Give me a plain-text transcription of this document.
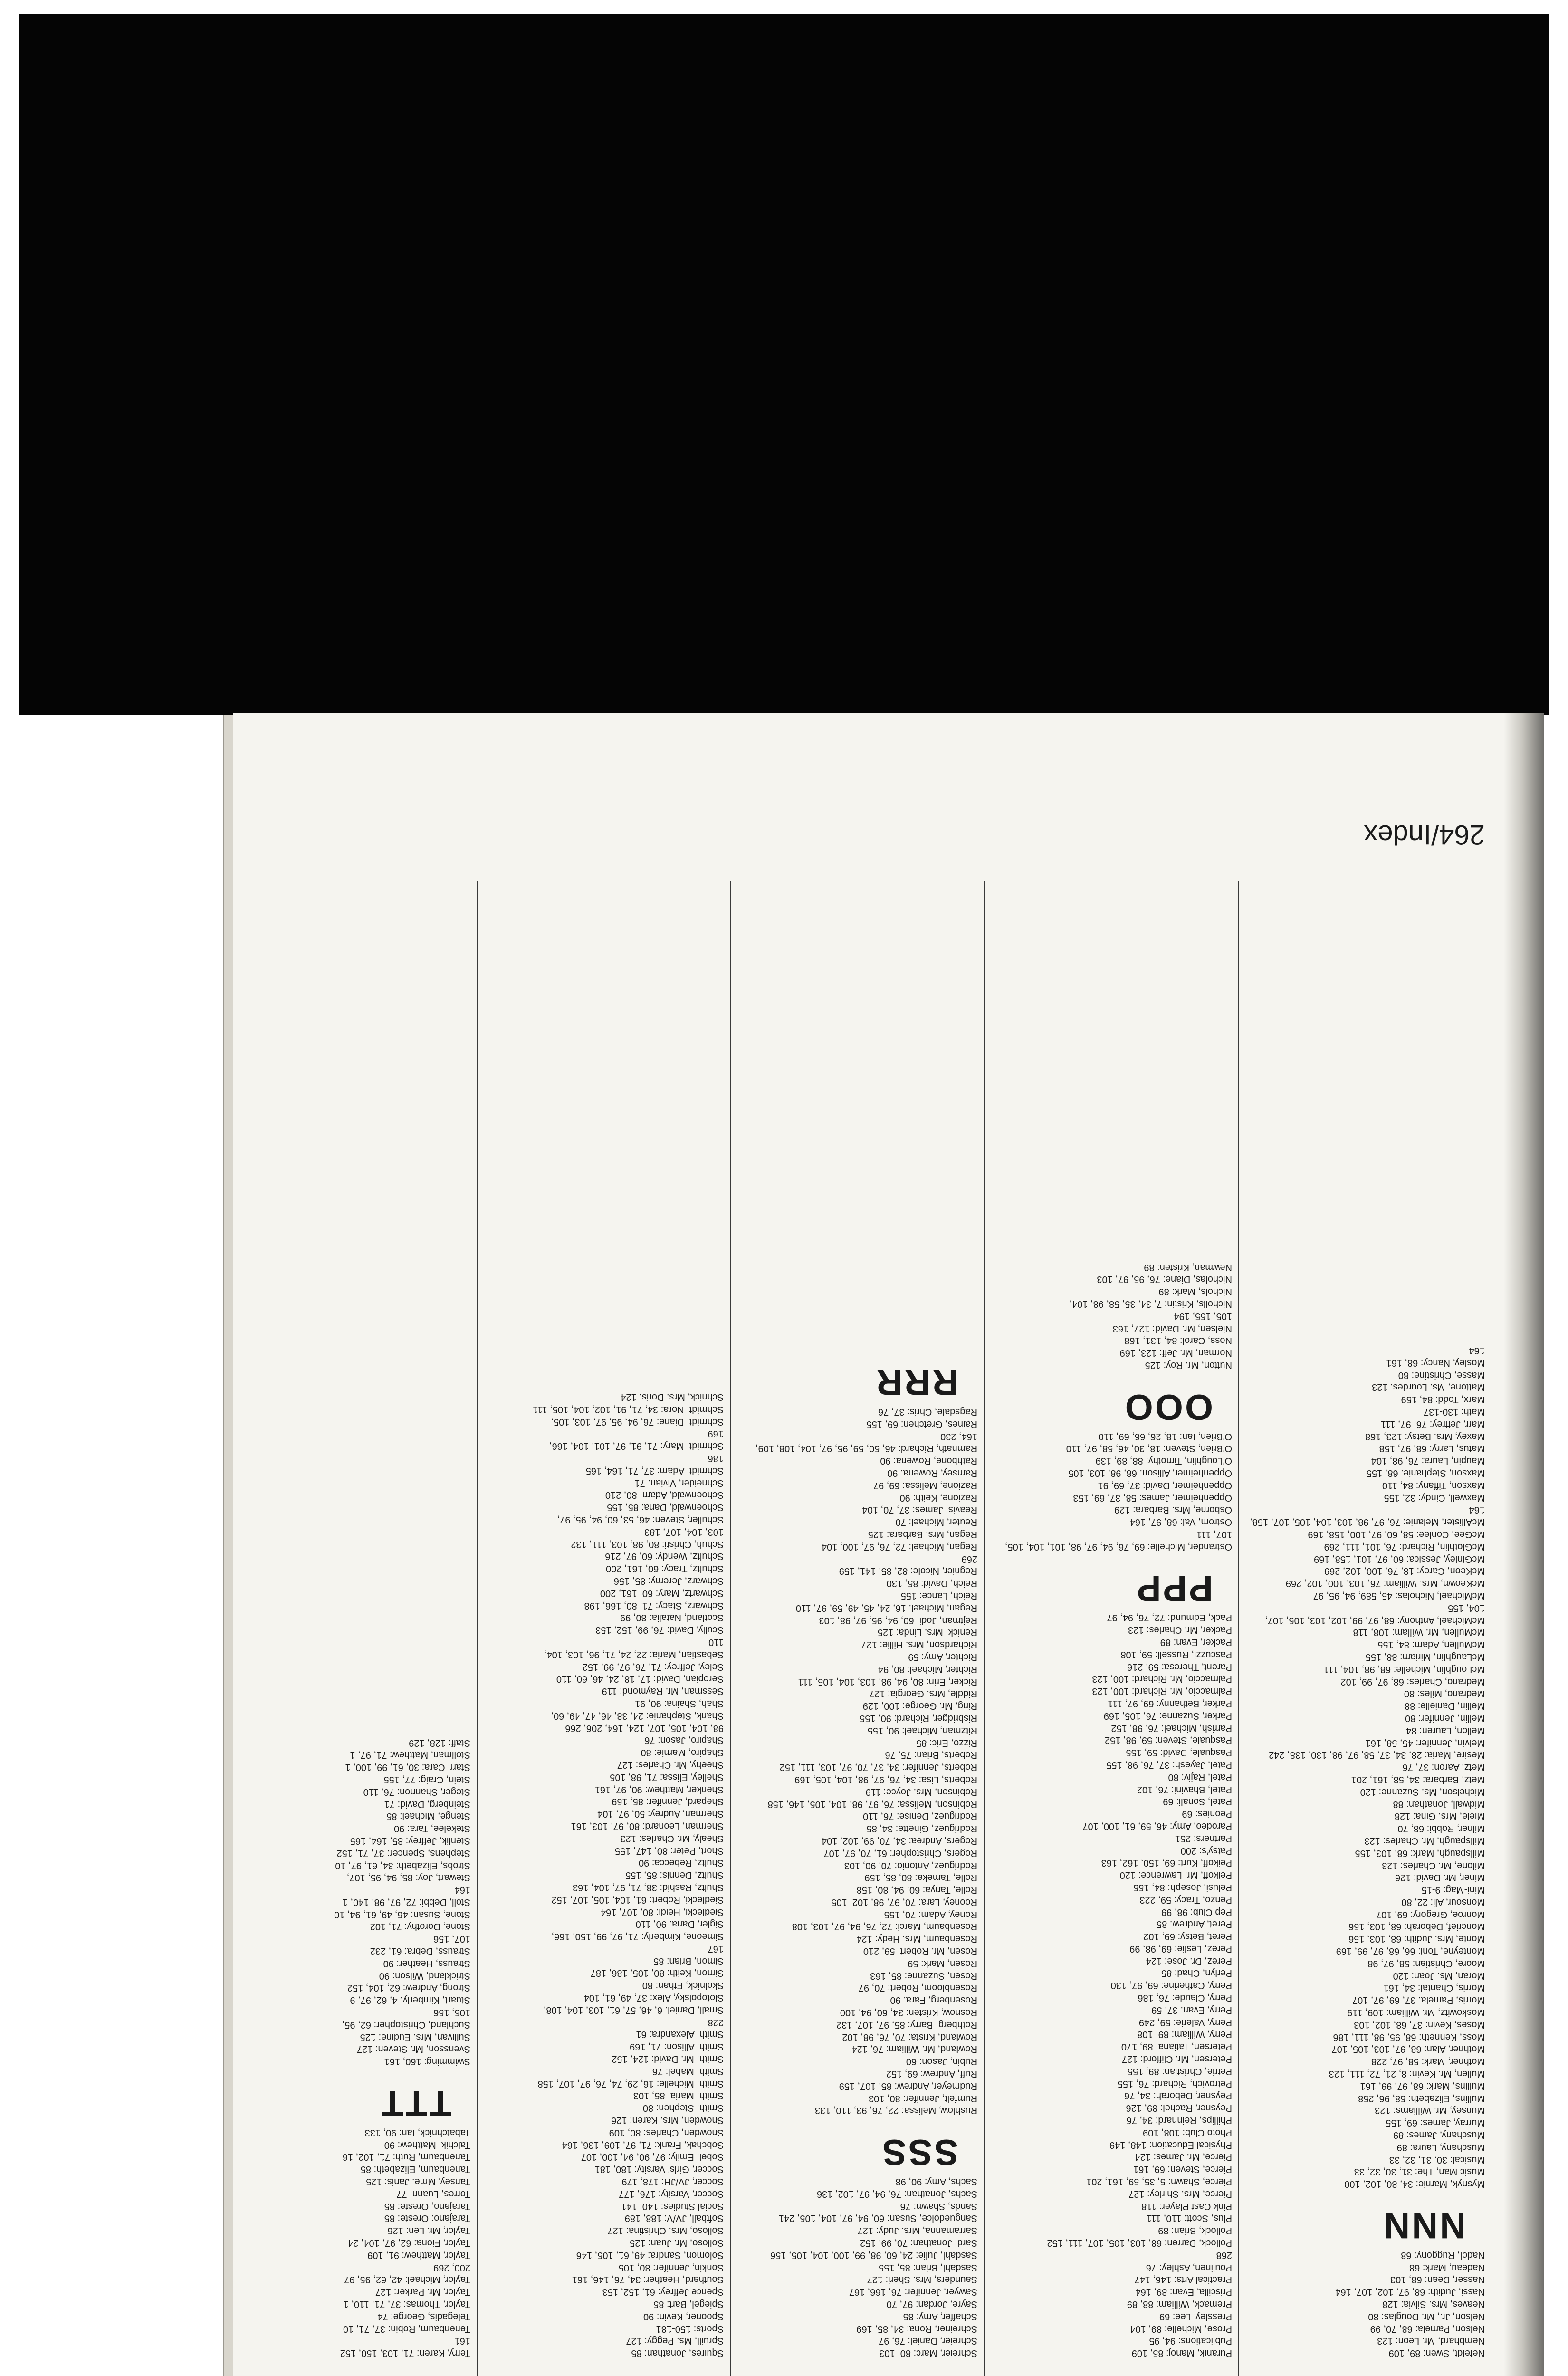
Nefeldt, Swen: 89, 109
Nembhard, Mr. Leon: 123
Nelson, Pamela: 68, 70, 99
Nelson, Jr., Mr. Douglas: 80
Neaves, Mrs. Silvia: 128
Nassi, Judith: 68, 97, 102, 107, 164
Nasser, Dean: 68, 103
Nadeau, Mark: 68
Nadol, Ruggony: 68

NNN

Mysnyk, Marnie: 34, 80, 102, 100
Music Man, The: 31, 30, 32, 33
Musical: 30, 31, 32, 33
Muschany, Laura: 89
Muschany, James: 89
Murray, James: 69, 155
Munsey, Mr. Williams: 123
Mullins, Elizabeth: 58, 96, 258
Mullins, Mark: 68, 97, 99, 161
Mullen, Mr. Kevin: 8, 21, 72, 111, 123
Mothner, Mark: 58, 97, 228
Mothner, Alan: 68, 97, 103, 105, 107
Moss, Kenneth: 68, 95, 98, 111, 186
Moses, Kevin: 37, 68, 102, 103
Moskowitz, Mr. William: 109, 119
Morris, Pamela: 37, 69, 97, 107
Morris, Chantal: 34, 161
Moran, Ms. Joan: 120
Moore, Christian: 58, 97, 98
Monteyne, Toni: 66, 68, 97, 99, 169
Monte, Mrs. Judith: 68, 103, 156
Moncrief, Deborah: 68, 103, 156
Monroe, Gregory: 69, 107
Monsour, Ali: 22, 80
Mini-Mag: 9-15
Miner, Mr. David: 126
Milone, Mr. Charles: 123
Millspaugh, Mark: 68, 103, 155
Millspaugh, Mr. Charles: 123
Milner, Robbi: 68, 70
Miele, Mrs. Gina: 128
Midwall, Jonathan: 88
Michelson, Ms. Suzanne: 120
Metz, Barbara: 34, 58, 161, 201
Metz, Aaron: 37, 76
Mesire, Maria: 28, 34, 37, 58, 97, 98, 130, 138, 242
Melvin, Jennifer: 45, 58, 161
Mellon, Lauren: 84
Mellin, Jennifer: 80
Mellin, Danielle: 88
Medrano, Miles: 80
Medrano, Charles: 68, 97, 99, 102
McLoughlin, Michelle: 68, 98, 104, 111
McLaughlin, Miriam: 88, 155
McMullen, Adam: 84, 155
McMullen, Mr. Willam: 108, 118
McMichael, Anthony: 68, 97, 99, 102, 103, 105, 107, 104, 155
McMichael, Nicholas: 45, 589, 94, 95, 97
McKeown, Mrs. William: 76, 103, 100, 102, 269
McKeon, Carey: 18, 76, 100, 102, 269
McGinley, Jessica: 60, 97, 101, 158, 169
McGlothlin, Richard: 76, 101, 111, 269
McGee, Conlee: 58, 60, 97, 100, 158, 169
McAllister, Melanie: 76, 97, 98, 103, 104, 105, 107, 158, 164
Maxwell, Cindy: 32, 155
Maxson, Tiffany: 84, 110
Maxson, Stephanie: 68, 155
Maupin, Laura: 76, 98, 104
Matus, Larry: 68, 97, 158
Maxey, Mrs. Betsy: 123, 168
Marr, Jeffrey: 76, 97, 111
Math: 130-137
Marx, Todd: 84, 159
Mattone, Ms. Lourdes: 123
Masse, Christine: 80
Mosley, Nancy: 68, 161
164

Puranik, Manoj: 85, 109
Publications: 94, 95
Prose, Michelle: 89, 104
Pressley, Lee: 69
Premack, William: 88, 89
Priscilla, Evan: 89, 164
Practical Arts: 146, 147
Poulinen, Ashley: 76
268
Pollock, Darren: 68, 103, 105, 107, 111, 152
Pollock, Brian: 89
Plus, Scott: 110, 111
Pink Cast Player: 118
Pierce, Mrs. Shirley: 127
Pierce, Shawn: 5, 35, 59, 161, 201
Pierce, Steven: 69, 161
Pierce, Mr. James: 124
Physical Education: 148, 149
Photo Club: 108, 109
Phillips, Reinhard: 34, 76
Peysner, Rachel: 89, 126
Peysner, Deborah: 34, 76
Petrovich, Richard: 76, 155
Petrie, Christian: 89, 155
Petersen, Mr. Clifford: 127
Petersen, Tatiana: 89, 170
Perry, William: 89, 108
Perry, Valerie: 59, 249
Perry, Evan: 37, 59
Perry, Claude: 76, 186
Perry, Catherine: 69, 97, 130
Perlyn, Chad: 85
Perez, Dr. Jose: 124
Perez, Leslie: 69, 98, 99
Peret, Betsy: 69, 102
Peret, Andrew: 85
Pep Club: 98, 99
Penzo, Tracy: 59, 223
Pelusi, Joseph: 84, 155
Peikoff, Mr. Lawrence: 120
Peikoff, Kurt: 69, 150, 162, 163
Patsy's: 200
Partners: 251
Parodeo, Amy: 46, 59, 61, 100, 107
Peonies: 69
Patel, Sonali: 69
Patel, Bhavini: 76, 102
Patel, Rajiv: 80
Patel, Jayesh: 37, 76, 98, 155
Pasquale, David: 59, 155
Pasquale, Steven: 59, 98, 152
Parrish, Michael: 76, 98, 152
Parker, Suzanne: 76, 105, 169
Parker, Bethanny: 69, 97, 111
Palmaccio, Mr. Richard: 100, 123
Palmaccio, Mr. Richard: 100, 123
Parent, Theresa: 59, 216
Pascuzzi, Russell: 59, 108
Packer, Evan: 89
Packer, Mr. Charles: 123
Pack, Edmund: 72, 76, 94, 97

PPP

Ostrander, Michelle: 69, 76, 94, 97, 98, 101, 104, 105, 107, 111
Ostrom, Val: 68, 97, 164
Osborne, Mrs. Barbara: 129
Oppenheimer, James: 58, 37, 69, 153
Oppenheimer, David: 37, 69, 91
Oppenheimer, Allison: 68, 98, 103, 105
O'Loughlin, Timothy: 88, 89, 139
O'Brien, Steven: 18, 30, 46, 58, 97, 110
O'Brien, Ian: 18, 26, 66, 69, 110

OOO

Nutton, Mr. Roy: 125
Norman, Mr. Jeff: 123, 169
Noss, Carol: 84, 131, 168
Nielsen, Mr. David: 127, 163
105, 155, 194
Nicholls, Kristin: 7, 34, 35, 58, 98, 104,
Nichols, Mark: 89
Nicholas, Diane: 76, 95, 97, 103
Newman, Kristen: 89

Schreier, Marc: 80, 103
Schreier, Daniel: 76, 97
Schreiner, Rona: 34, 85, 169
Schaffer, Amy: 85
Sayre, Jordan: 97, 70
Sawyer, Jennifer: 76, 166, 167
Saunders, Mrs. Sheri: 127
Sasdahl, Brian: 85, 155
Sasdahl, Julie: 24, 60, 98, 99, 100, 104, 105, 156
Sard, Jonathan: 70, 99, 152
Sarramanna, Mrs. Judy: 127
Sanguedolce, Susan: 60, 94, 97, 104, 105, 241
Sands, Shawn: 76
Sachs, Jonathan: 76, 94, 97, 102, 136
Sachs, Amy: 90, 98

SSS

Rushlow, Melissa: 22, 76, 93, 110, 133
Rumfelt, Jennifer: 80, 103
Rudmeyer, Andrew: 85, 107, 159
Ruff, Andrew: 69, 152
Rubin, Jason: 60
Rowland, Mr. William: 76, 124
Rowland, Krista: 70, 76, 98, 102
Rothberg, Barry: 85, 97, 107, 132
Rosnow, Kristen: 34, 60, 94, 100
Rosenberg, Fara: 90
Rosenbloom, Robert: 70, 97
Rosen, Suzanne: 85, 163
Rosen, Mark: 59
Rosen, Mr. Robert: 59, 210
Rosenbaum, Mrs. Hedy: 124
Rosenbaum, Marci: 72, 76, 94, 97, 103, 108
Roney, Adam: 70, 155
Rooney, Lara: 70, 97, 98, 102, 105
Rolle, Tanya: 60, 94, 80, 158
Rolle, Tameka: 80, 85, 159
Rodriguez, Antonio: 70, 90, 103
Rogers, Christopher: 61, 70, 97, 107
Rogers, Andrea: 34, 70, 99, 102, 104
Rodriguez, Ginette: 34, 85
Rodriguez, Denise: 76, 110
Robinson, Melissa: 76, 97, 98, 104, 105, 146, 158
Robinson, Mrs. Joyce: 119
Roberts, Lisa: 34, 76, 97, 98, 104, 105, 169
Roberts, Jennifer: 34, 37, 70, 97, 103, 111, 152
Roberts, Brian: 75, 76
Rizzo, Eric: 85
Ritzman, Michael: 90, 155
Risbridger, Richard: 90, 155
Ring, Mr. George: 100, 129
Riddle, Mrs. Georgia: 127
Ricker, Erin: 80, 94, 98, 103, 104, 105, 111
Richter, Michael: 80, 94
Richter, Amy: 59
Richardson, Mrs. Hillie: 127
Renick, Mrs. Linda: 125
Rejtman, Jodi: 60, 94, 95, 97, 98, 103
Regan, Michael: 16, 24, 45, 49, 59, 97, 110
Reich, Lance: 155
Reich, David: 85, 130
Regnier, Nicole: 82, 85, 141, 159
269
Regan, Michael: 72, 76, 97, 100, 104
Regan, Mrs. Barbara: 125
Reuter, Michael: 70
Reavis, James: 37, 70, 104
Razione, Keith: 90
Razione, Melissa: 69, 97
Ramsey, Rowena: 90
Rathbone, Rowena: 90
Ramnath, Richard: 46, 50, 59, 95, 97, 104, 108, 109, 164, 230
Raines, Gretchen: 69, 155
Ragsdale, Chris: 37, 76

RRR

Squires, Jonathan: 85
Spruill, Ms. Peggy: 127
Sports: 150-181
Spooner, Kevin: 90
Spiegel, Bart: 85
Spence Jeffrey: 61, 152, 153
Southard, Heather: 34, 76, 146, 161
Sonkin, Jennifer: 80, 105
Solomon, Sandra: 49, 61, 105, 146
Solloso, Mr. Juan: 125
Solloso, Mrs. Christina: 127
Softball, JV/V: 188, 189
Social Studies: 140, 141
Soccer, Varsity: 176, 177
Soccer, JV/JH: 178, 179
Soccer, Girls' Varsity: 180, 181
Sobel, Emily: 97, 90, 94, 100, 107
Sobchak, Frank: 71, 97, 109, 136, 164
Snowden, Charles: 80, 109
Snowden, Mrs. Karen: 126
Smith, Stephen: 80
Smith, Maria: 85, 103
Smith, Michelle: 16, 29, 74, 76, 97, 107, 158
Smith, Mabel: 76
Smith, Mr. David: 124, 152
Smith, Allison: 71, 169
Smith, Alexandra: 61
228
Small, Daniel: 6, 46, 57, 61, 103, 104, 108,
Slotopolsky, Alex: 37, 49, 61, 104
Skolnick, Ethan: 80
Simon, Keith: 80, 105, 186, 187
Simon, Brian: 85
167
Simeone, Kimberly: 71, 97, 99, 150, 166,
Sigler, Dana: 90, 110
Siedlecki, Heidi: 80, 107, 164
Siedlecki, Robert: 61, 104, 105, 107, 152
Shultz, Rashid: 38, 71, 97, 104, 163
Shultz, Dennis: 85, 155
Shultz, Rebecca: 90
Short, Peter: 80, 147, 155
Shealy, Mr. Charles: 123
Sherman, Leonard: 80, 97, 103, 161
Sherman, Audrey: 50, 97, 104
Shepard, Jennifer: 85, 159
Shenker, Matthew: 90, 97, 161
Shelley, Elissa: 71, 98, 105
Sheehy, Mr. Charles: 127
Shapiro, Marnie: 80
Shapiro, Jason: 76
98, 104, 105, 107, 124, 164, 206, 266
Shank, Stephanie: 24, 38, 46, 47, 49, 60,
Shah, Shaina: 90, 91
Sessman, Mr. Raymond: 119
Seropian, David: 17, 18, 24, 46, 60, 110
Seley, Jeffrey: 71, 76, 97, 99, 152
Sebastian, Maria: 22, 24, 71, 96, 103, 104,
110
Scully, David: 76, 99, 152, 153
Scotland, Natalia: 80, 99
Schwarz, Stacy: 71, 80, 166, 198
Schwartz, Mary: 60, 161, 200
Schwarz, Jeremy: 85, 156
Schultz, Tracy: 60, 161, 200
Schultz, Wendy: 60, 97, 216
Schuh, Christi: 80, 98, 103, 111, 132
103, 104, 107, 183
Schuller, Steven: 46, 53, 60, 94, 95, 97,
Schoenwald, Dana: 85, 155
Schoenwald, Adam: 80, 210
Schneider, Vivian: 71
Schmidt, Adam: 37, 71, 164, 165
186
Schmidt, Mary: 71, 91, 97, 101, 104, 166,
169
Schmidt, Diane: 76, 94, 95, 97, 103, 105,
Schmidt, Nora: 34, 71, 91, 102, 104, 105, 111
Schnick, Mrs. Doris: 124

Terry, Karen: 71, 103, 150, 152
161
Tenenbaum, Robin: 37, 71, 10
Telegadis, George: 74
Taylor, Thomas: 37, 71, 110, 1
Taylor, Mr. Parker: 127
Taylor, Michael: 42, 62, 95, 97
200, 269
Taylor, Matthew: 91, 109
Taylor, Fiona: 62, 97, 104, 24
Taylor, Mr. Len: 126
Tarajano: Oreste: 85
Tarajano, Oreste: 85
Torres, Luann: 77
Tansey, Mme. Janis: 125
Tanenbaum, Elizabeth: 85
Tanenbaum, Ruth: 71, 102, 16
Talchik, Matthew: 90
Tabatchnick, Ian: 90, 133

TTT

Swimming: 160, 161
Svensson, Mr. Steven: 127
Sullivan, Mrs. Eudine: 125
Suchland, Christopher: 62, 95,
105, 156
Stuart, Kimberly: 4, 62, 97, 9
Strong, Andrew: 62, 104, 152
Strickland, Wilson: 90
Strauss, Heather: 90
Strauss, Debra: 61, 232
107, 156
Stone, Dorothy: 71, 102
Stone, Susan: 46, 49, 61, 94, 10
Stoll, Debbi: 72, 97, 98, 140, 1
164
Stewart, Joy: 85, 94, 95, 107,
Strobs, Elizabeth: 34, 61, 97, 10
Stephens, Spencer: 37, 71, 152
Stenlik, Jeffrey: 85, 164, 165
Stekelee, Tara: 90
Stenge, Michael: 85
Steinberg, David: 71
Steger, Shannon: 76, 110
Stein, Craig: 77, 155
Starr, Cara: 30, 61, 99, 100, 1
Stollman, Matthew: 71, 97, 1
Staff: 128, 129

264/Index
